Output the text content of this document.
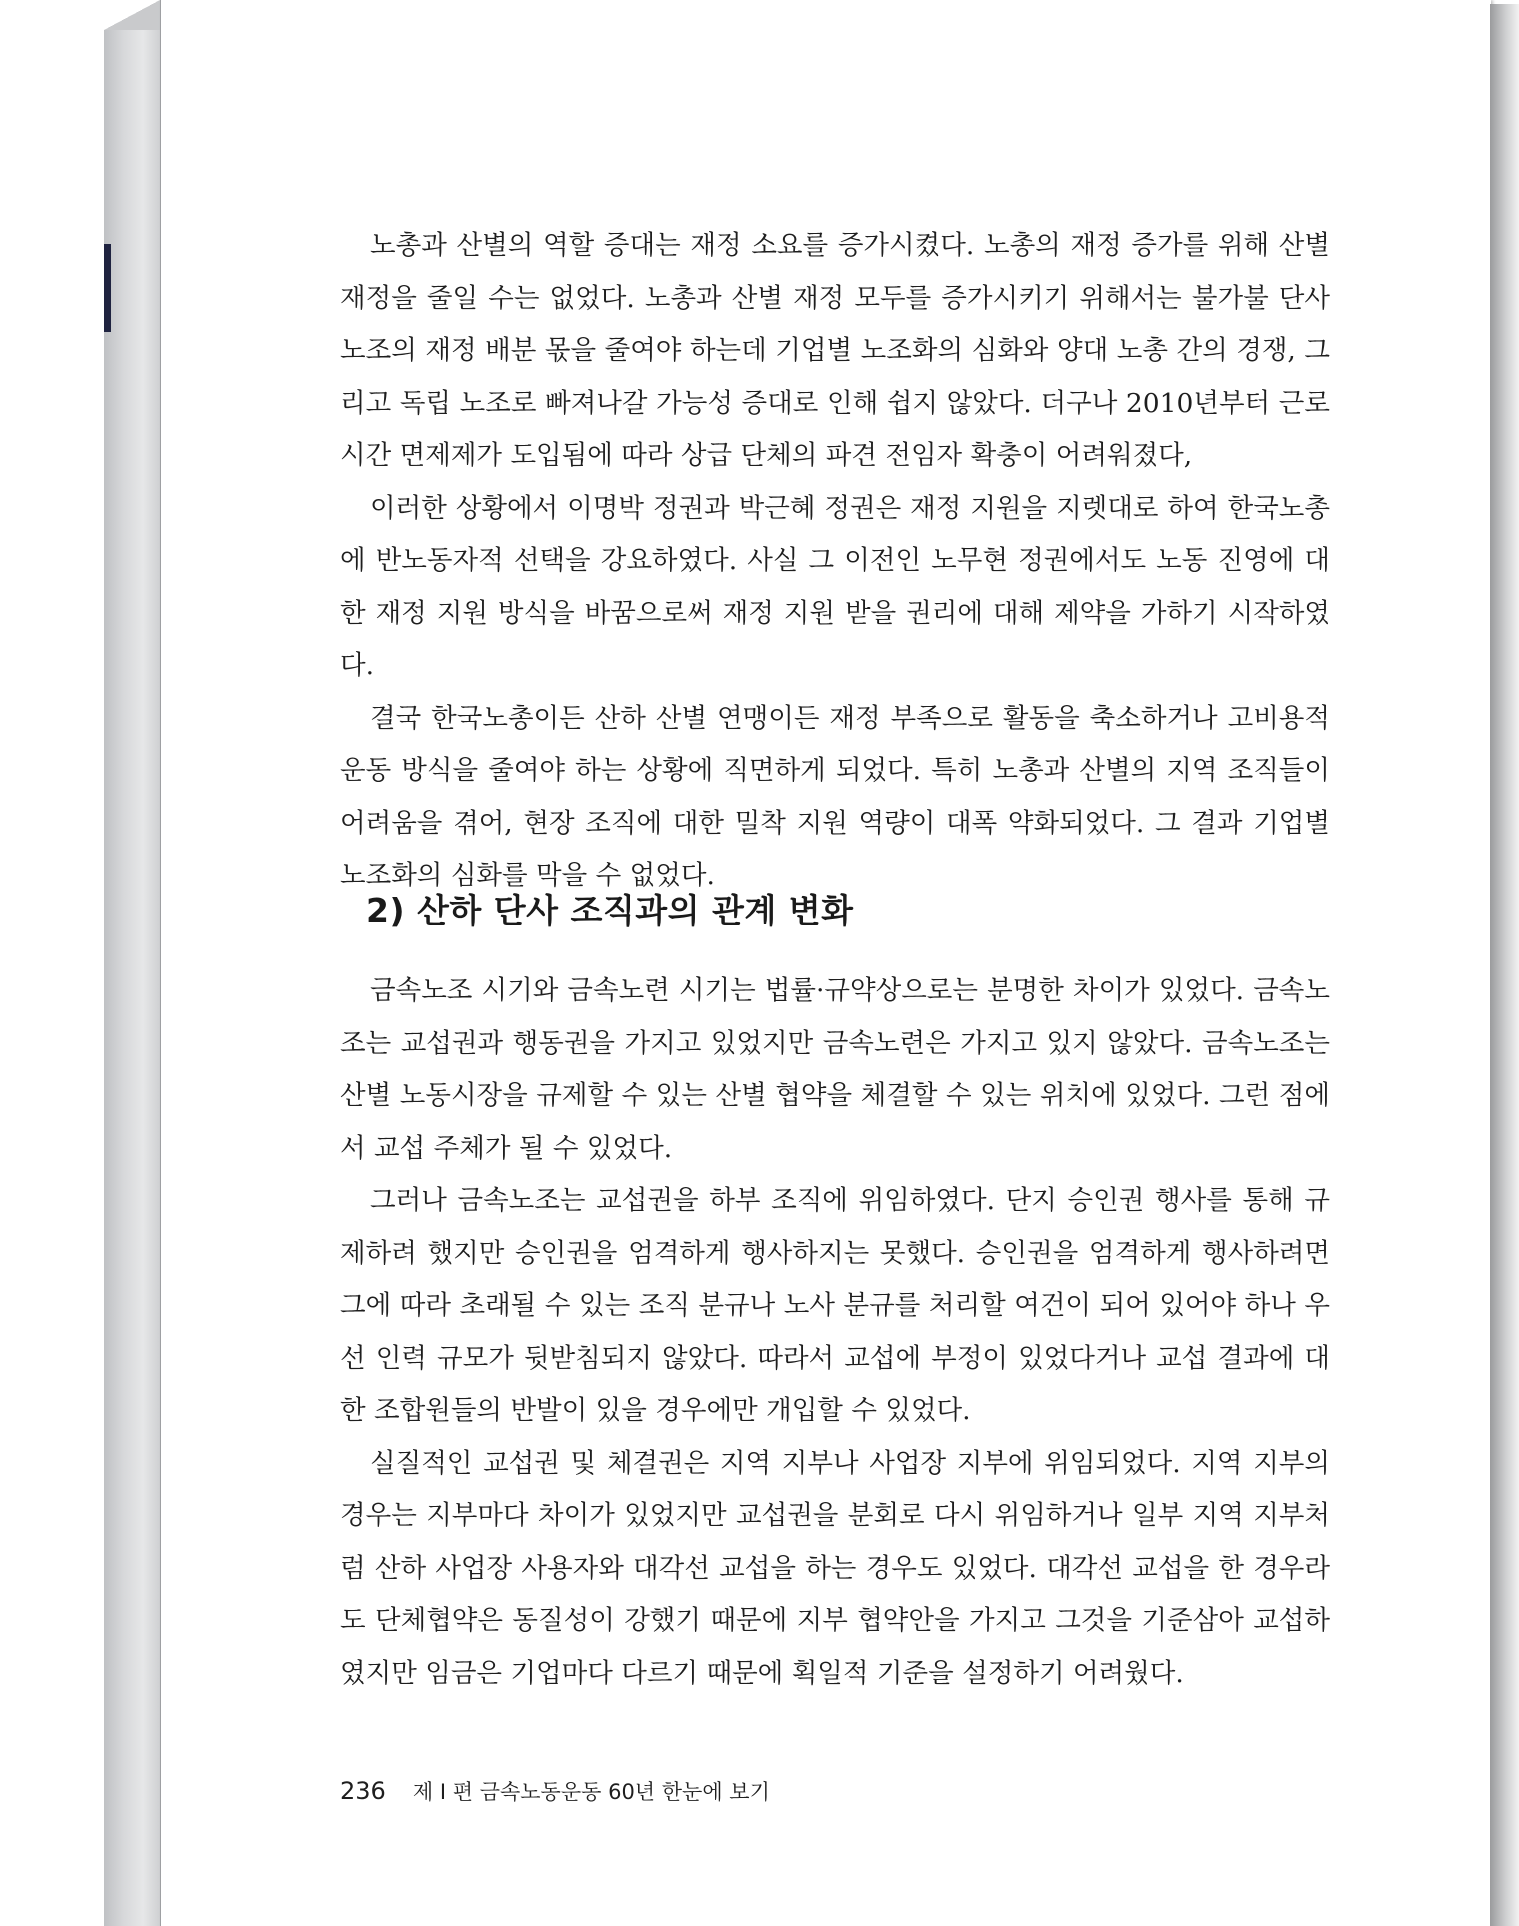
노총과 산별의 역할 증대는 재정 소요를 증가시켰다. 노총의 재정 증가를 위해 산별 재정을 줄일 수는 없었다. 노총과 산별 재정 모두를 증가시키기 위해서는 불가불 단사 노조의 재정 배분 몫을 줄여야 하는데 기업별 노조화의 심화와 양대 노총 간의 경쟁, 그리고 독립 노조로 빠져나갈 가능성 증대로 인해 쉽지 않았다. 더구나 2010년부터 근로시간 면제제가 도입됨에 따라 상급 단체의 파견 전임자 확충이 어려워졌다,

이러한 상황에서 이명박 정권과 박근혜 정권은 재정 지원을 지렛대로 하여 한국노총에 반노동자적 선택을 강요하였다. 사실 그 이전인 노무현 정권에서도 노동 진영에 대한 재정 지원 방식을 바꿈으로써 재정 지원 받을 권리에 대해 제약을 가하기 시작하였다.

결국 한국노총이든 산하 산별 연맹이든 재정 부족으로 활동을 축소하거나 고비용적 운동 방식을 줄여야 하는 상황에 직면하게 되었다. 특히 노총과 산별의 지역 조직들이 어려움을 겪어, 현장 조직에 대한 밀착 지원 역량이 대폭 약화되었다. 그 결과 기업별 노조화의 심화를 막을 수 없었다.

2) 산하 단사 조직과의 관계 변화

금속노조 시기와 금속노련 시기는 법률·규약상으로는 분명한 차이가 있었다. 금속노조는 교섭권과 행동권을 가지고 있었지만 금속노련은 가지고 있지 않았다. 금속노조는 산별 노동시장을 규제할 수 있는 산별 협약을 체결할 수 있는 위치에 있었다. 그런 점에서 교섭 주체가 될 수 있었다.

그러나 금속노조는 교섭권을 하부 조직에 위임하였다. 단지 승인권 행사를 통해 규제하려 했지만 승인권을 엄격하게 행사하지는 못했다. 승인권을 엄격하게 행사하려면 그에 따라 초래될 수 있는 조직 분규나 노사 분규를 처리할 여건이 되어 있어야 하나 우선 인력 규모가 뒷받침되지 않았다. 따라서 교섭에 부정이 있었다거나 교섭 결과에 대한 조합원들의 반발이 있을 경우에만 개입할 수 있었다.

실질적인 교섭권 및 체결권은 지역 지부나 사업장 지부에 위임되었다. 지역 지부의 경우는 지부마다 차이가 있었지만 교섭권을 분회로 다시 위임하거나 일부 지역 지부처럼 산하 사업장 사용자와 대각선 교섭을 하는 경우도 있었다. 대각선 교섭을 한 경우라도 단체협약은 동질성이 강했기 때문에 지부 협약안을 가지고 그것을 기준삼아 교섭하였지만 임금은 기업마다 다르기 때문에 획일적 기준을 설정하기 어려웠다.

236 제 I 편 금속노동운동 60년 한눈에 보기
